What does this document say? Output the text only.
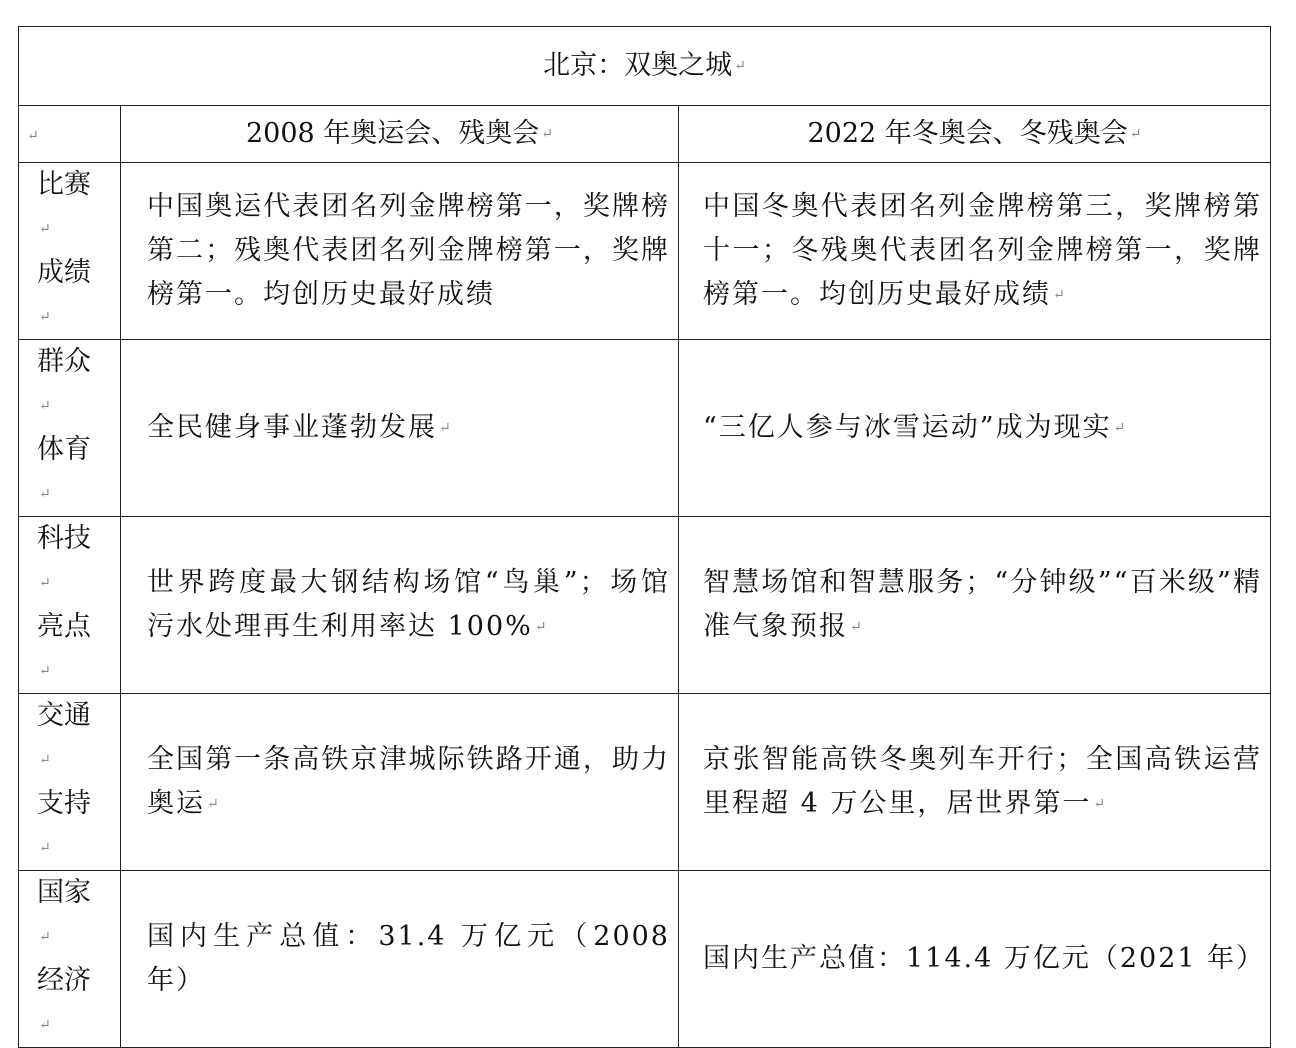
北京：双奥之城 ↵		
↵	2008 年奥运会、残奥会 ↵	2022 年冬奥会、冬残奥会 ↵

比赛
↵
成绩
↵	中国奥运代表团名列金牌榜第一，奖牌榜第二；残奥代表团名列金牌榜第一，奖牌榜第一。均创历史最好成绩	中国冬奥代表团名列金牌榜第三，奖牌榜第十一；冬残奥代表团名列金牌榜第一，奖牌榜第一。均创历史最好成绩 ↵

群众
↵
体育
↵	全民健身事业蓬勃发展 ↵	“三亿人参与冰雪运动”成为现实 ↵

科技
↵
亮点
↵	世界跨度最大钢结构场馆“鸟巢”；场馆污水处理再生利用率达 100% ↵	智慧场馆和智慧服务；“分钟级”“百米级”精准气象预报 ↵

交通
↵
支持
↵	全国第一条高铁京津城际铁路开通，助力奥运 ↵	京张智能高铁冬奥列车开行；全国高铁运营里程超 4 万公里，居世界第一 ↵

国家
↵
经济
↵	国内生产总值：31.4 万亿元（2008 年）	国内生产总值：114.4 万亿元（2021 年）
